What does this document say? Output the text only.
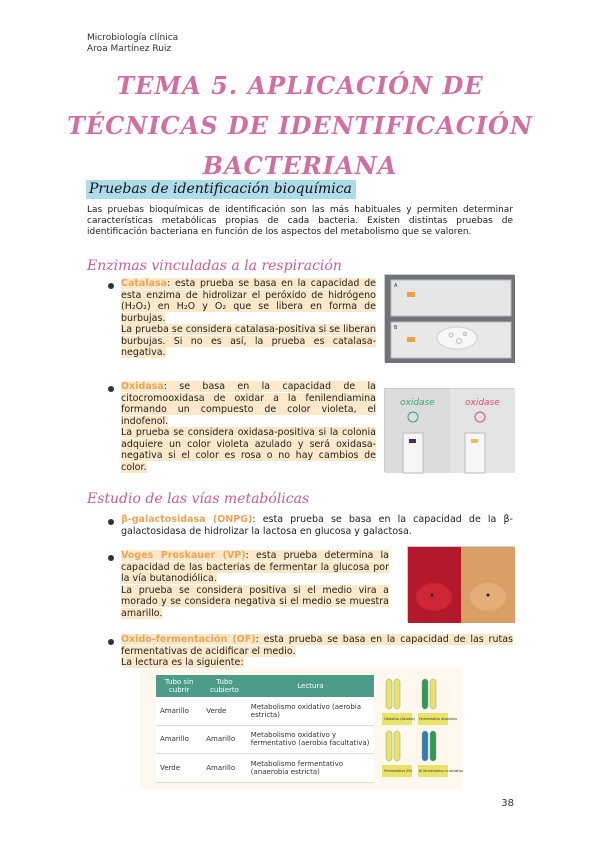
Microbiología clínica
Aroa Martínez Ruiz
TEMA 5. APLICACIÓN DE
TÉCNICAS DE IDENTIFICACIÓN
BACTERIANA
Pruebas de identificación bioquímica
Las pruebas bioquímicas de identificación son las más habituales y permiten determinar características metabólicas propias de cada bacteria. Existen distintas pruebas de identificación bacteriana en función de los aspectos del metabolismo que se valoren.
Enzimas vinculadas a la respiración
Catalasa: esta prueba se basa en la capacidad de esta enzima de hidrolizar el peróxido de hidrógeno (H₂O₂) en H₂O y O₂ que se libera en forma de burbujas.
La prueba se considera catalasa-positiva si se liberan burbujas. Si no es así, la prueba es catalasa-negativa.
A
B
Oxidasa: se basa en la capacidad de la citocromooxidasa de oxidar a la fenilendiamina formando un compuesto de color violeta, el indofenol.
La prueba se considera oxidasa-positiva si la colonia adquiere un color violeta azulado y será oxidasa-negativa si el color es rosa o no hay cambios de color.
oxidase	oxidase
Estudio de las vías metabólicas
β-galactosidasa (ONPG): esta prueba se basa en la capacidad de la β-galactosidasa de hidrolizar la lactosa en glucosa y galactosa.
Voges Proskauer (VP): esta prueba determina la capacidad de las bacterias de fermentar la glucosa por la vía butanodiólica.
La prueba se considera positiva si el medio vira a morado y se considera negativa si el medio se muestra amarillo.
Oxido-fermentación (OF): esta prueba se basa en la capacidad de las rutas fermentativas de acidificar el medio.
La lectura es la siguiente:
Tubo sin cubrir	Tubo cubierto	Lectura
Amarillo	Verde	Metabolismo oxidativo (aerobia estricta)
Amarillo	Amarillo	Metabolismo oxidativo y fermentativo (aerobia facultativa)
Verde	Amarillo	Metabolismo fermentativo (anaerobia estricta)
Oxidativo (Aerobio) Fermentativo anaerobio
Fermentativo (Fe) Ni fermentativo ni oxidativo
38
